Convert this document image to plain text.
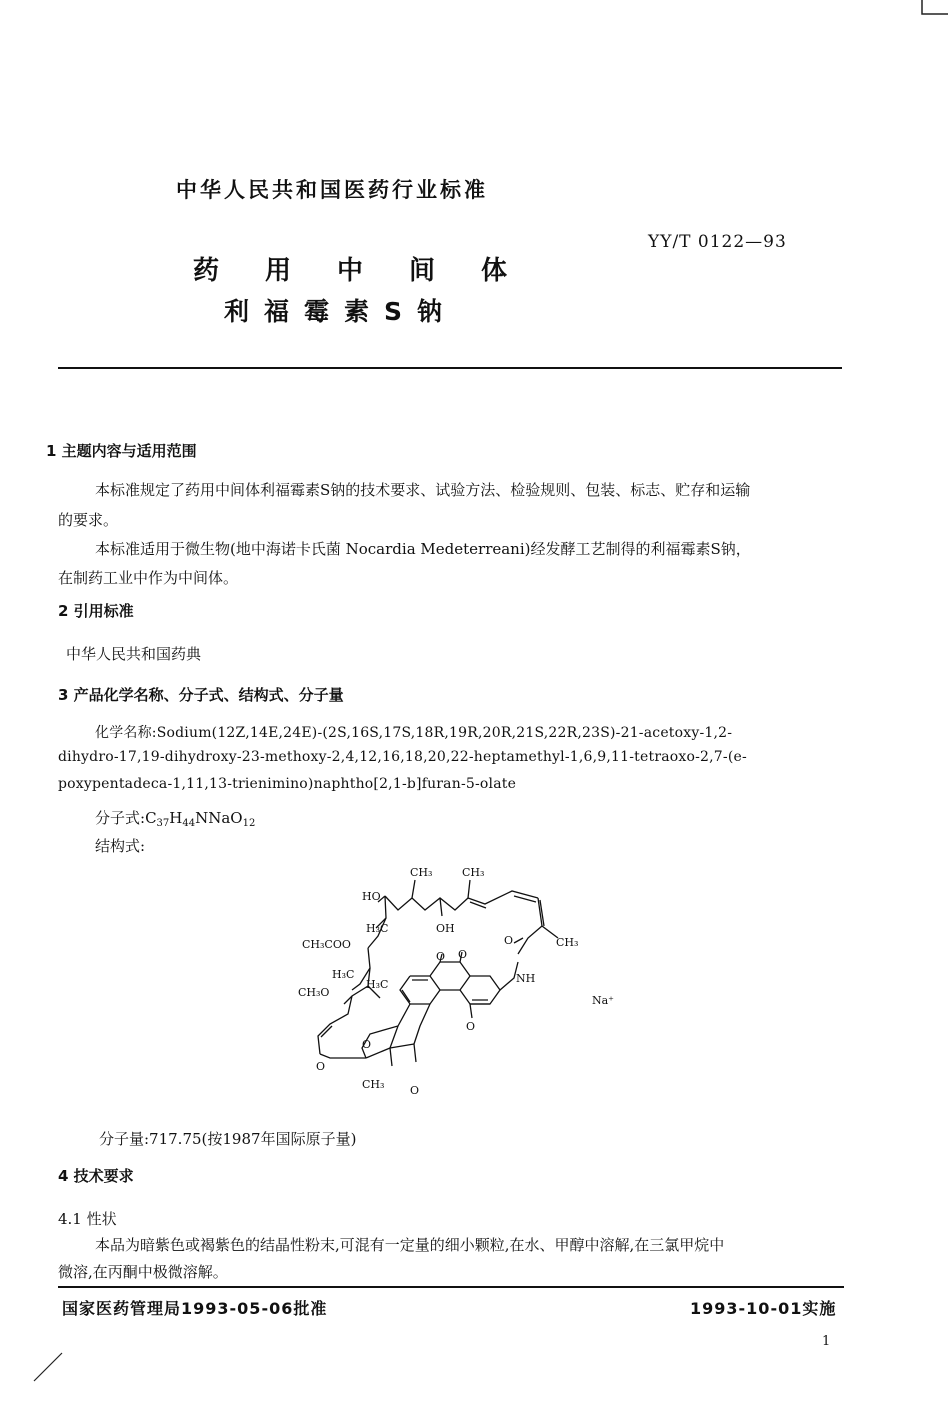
中华人民共和国医药行业标准
YY/T 0122—93
药用中间体
利福霉素S钠
1 主题内容与适用范围
本标准规定了药用中间体利福霉素S钠的技术要求、试验方法、检验规则、包装、标志、贮存和运输
的要求。
本标准适用于微生物(地中海诺卡氏菌 Nocardia Medeterreani)经发酵工艺制得的利福霉素S钠，
在制药工业中作为中间体。
2 引用标准
中华人民共和国药典
3 产品化学名称、分子式、结构式、分子量
化学名称:Sodium(12Z,14E,24E)-(2S,16S,17S,18R,19R,20R,21S,22R,23S)-21-acetoxy-1,2-
dihydro-17,19-dihydroxy-23-methoxy-2,4,12,16,18,20,22-heptamethyl-1,6,9,11-tetraoxo-2,7-(e-
poxypentadeca-1,11,13-trienimino)naphtho[2,1-b]furan-5-olate
分子式$:C_{37}H_{44}NNaO_{12}$
结构式:
CH₃	CH₃
HO
H₃C	OH
CH₃COO	O	CH₃
O O
NH
H₃C
CH₃O
H₃C
Na⁺
O
O
O
CH₃ O
分子量:717.75(按1987年国际原子量)
4 技术要求
4.1 性状
本品为暗紫色或褐紫色的结晶性粉末,可混有一定量的细小颗粒,在水、甲醇中溶解,在三氯甲烷中
微溶,在丙酮中极微溶解。
国家医药管理局1993-05-06批准	1993-10-01实施
1
